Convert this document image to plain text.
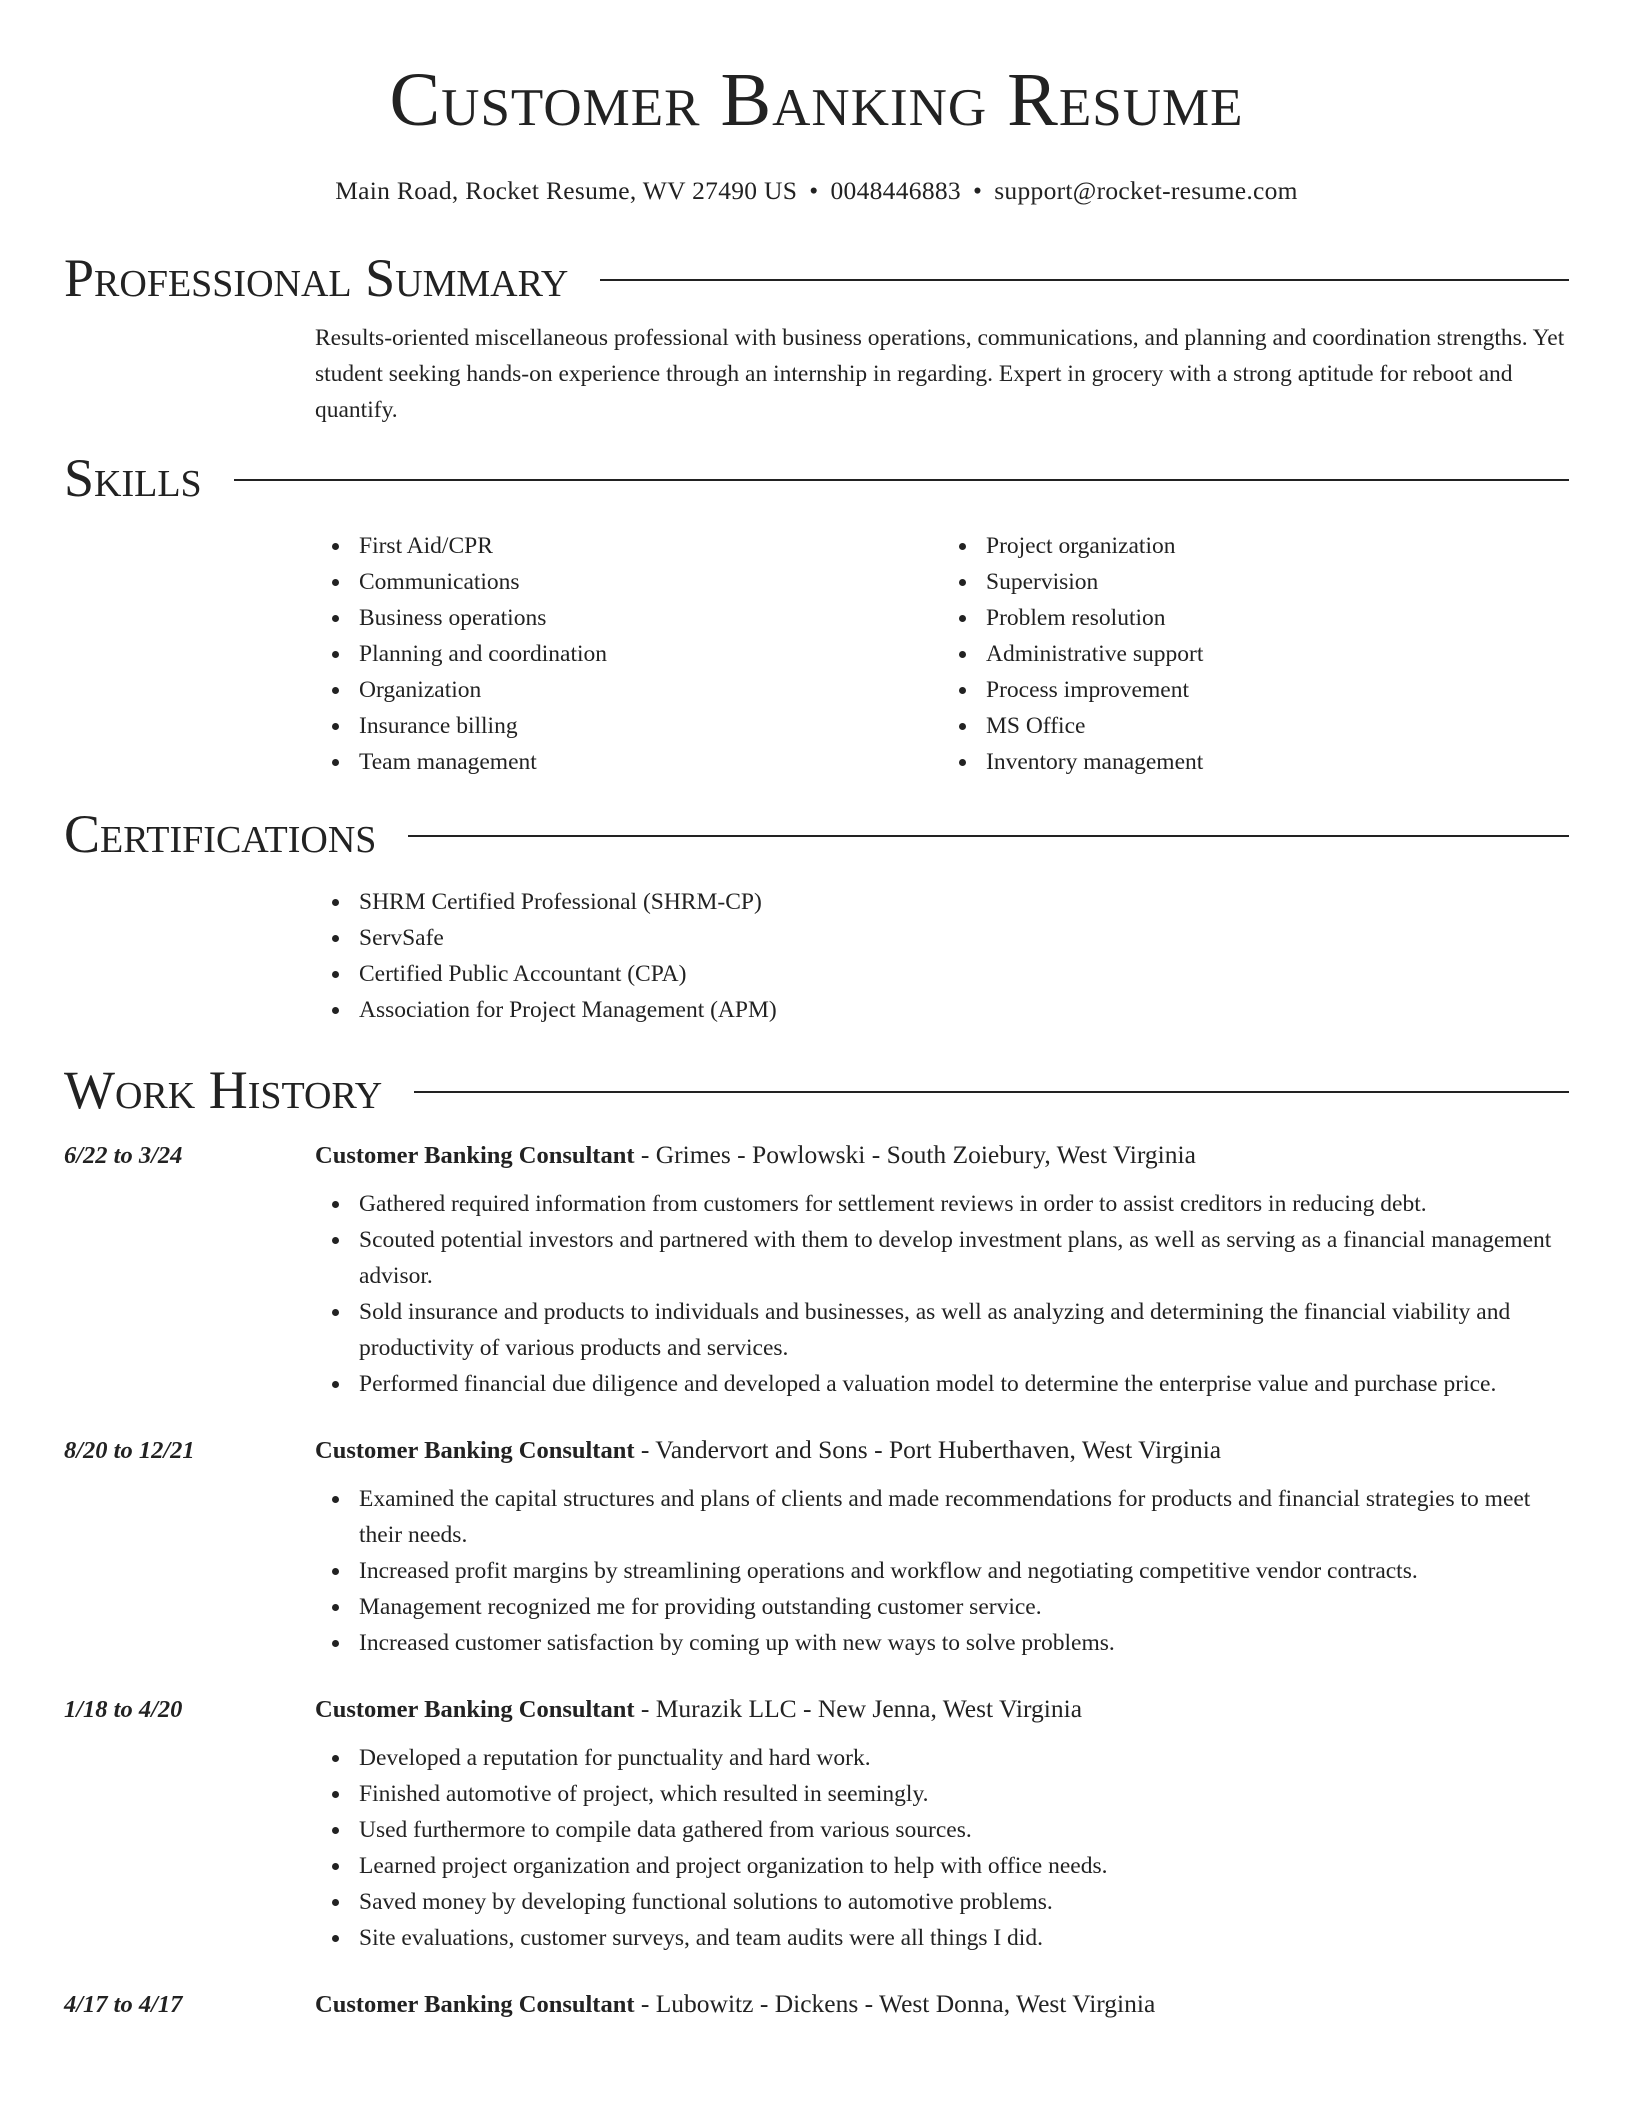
Customer Banking Resume
Main Road, Rocket Resume, WV 27490 US • 0048446883 • support@rocket-resume.com
Professional Summary

Results-oriented miscellaneous professional with business operations, communications, and planning and coordination strengths. Yet student seeking hands-on experience through an internship in regarding. Expert in grocery with a strong aptitude for reboot and quantify.

Skills
First Aid/CPR
Communications
Business operations
Planning and coordination
Organization
Insurance billing
Team management
Project organization
Supervision
Problem resolution
Administrative support
Process improvement
MS Office
Inventory management
Certifications
SHRM Certified Professional (SHRM-CP)
ServSafe
Certified Public Accountant (CPA)
Association for Project Management (APM)
Work History
6/22 to 3/24	Customer Banking Consultant - Grimes - Powlowski - South Zoiebury, West Virginia
Gathered required information from customers for settlement reviews in order to assist creditors in reducing debt.
Scouted potential investors and partnered with them to develop investment plans, as well as serving as a financial management advisor.
Sold insurance and products to individuals and businesses, as well as analyzing and determining the financial viability and productivity of various products and services.
Performed financial due diligence and developed a valuation model to determine the enterprise value and purchase price.
8/20 to 12/21	Customer Banking Consultant - Vandervort and Sons - Port Huberthaven, West Virginia
Examined the capital structures and plans of clients and made recommendations for products and financial strategies to meet their needs.
Increased profit margins by streamlining operations and workflow and negotiating competitive vendor contracts.
Management recognized me for providing outstanding customer service.
Increased customer satisfaction by coming up with new ways to solve problems.
1/18 to 4/20	Customer Banking Consultant - Murazik LLC - New Jenna, West Virginia
Developed a reputation for punctuality and hard work.
Finished automotive of project, which resulted in seemingly.
Used furthermore to compile data gathered from various sources.
Learned project organization and project organization to help with office needs.
Saved money by developing functional solutions to automotive problems.
Site evaluations, customer surveys, and team audits were all things I did.
4/17 to 4/17	Customer Banking Consultant - Lubowitz - Dickens - West Donna, West Virginia
